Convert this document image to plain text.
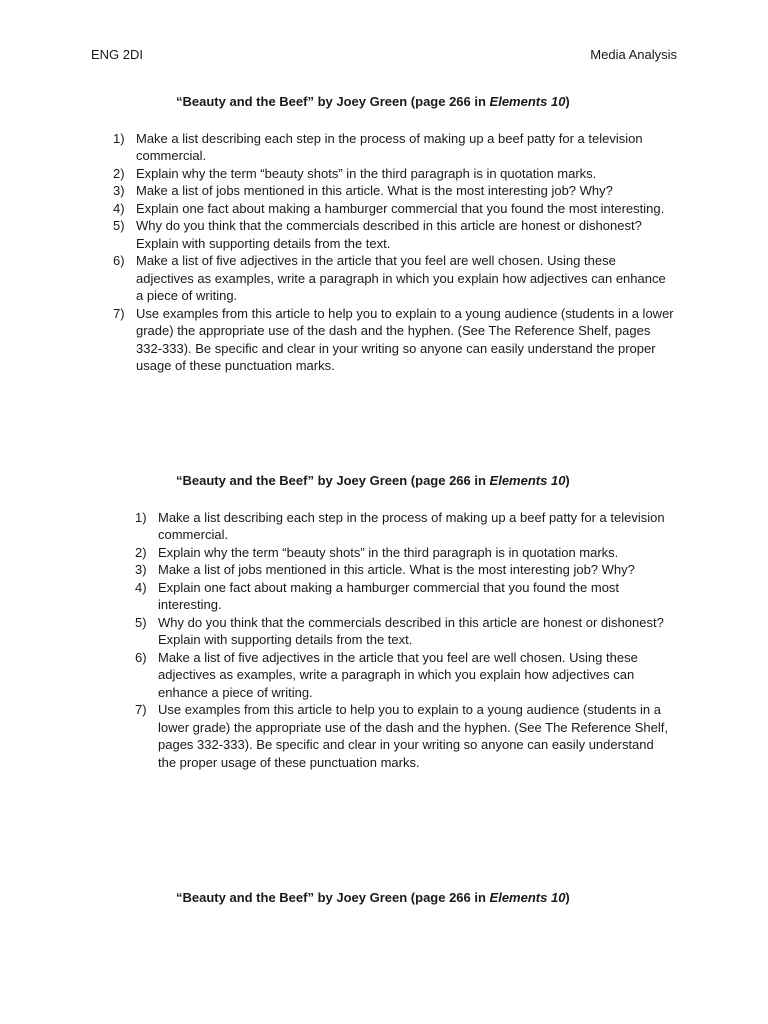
ENG 2DI	Media Analysis

“Beauty and the Beef” by Joey Green (page 266 in Elements 10)

1) Make a list describing each step in the process of making up a beef patty for a television commercial.
2) Explain why the term “beauty shots” in the third paragraph is in quotation marks.
3) Make a list of jobs mentioned in this article. What is the most interesting job? Why?
4) Explain one fact about making a hamburger commercial that you found the most interesting.
5) Why do you think that the commercials described in this article are honest or dishonest? Explain with supporting details from the text.
6) Make a list of five adjectives in the article that you feel are well chosen. Using these adjectives as examples, write a paragraph in which you explain how adjectives can enhance a piece of writing.
7) Use examples from this article to help you to explain to a young audience (students in a lower grade) the appropriate use of the dash and the hyphen. (See The Reference Shelf, pages 332-333). Be specific and clear in your writing so anyone can easily understand the proper usage of these punctuation marks.

“Beauty and the Beef” by Joey Green (page 266 in Elements 10)

1) Make a list describing each step in the process of making up a beef patty for a television commercial.
2) Explain why the term “beauty shots” in the third paragraph is in quotation marks.
3) Make a list of jobs mentioned in this article. What is the most interesting job? Why?
4) Explain one fact about making a hamburger commercial that you found the most interesting.
5) Why do you think that the commercials described in this article are honest or dishonest? Explain with supporting details from the text.
6) Make a list of five adjectives in the article that you feel are well chosen. Using these adjectives as examples, write a paragraph in which you explain how adjectives can enhance a piece of writing.
7) Use examples from this article to help you to explain to a young audience (students in a lower grade) the appropriate use of the dash and the hyphen. (See The Reference Shelf, pages 332-333). Be specific and clear in your writing so anyone can easily understand the proper usage of these punctuation marks.

“Beauty and the Beef” by Joey Green (page 266 in Elements 10)
